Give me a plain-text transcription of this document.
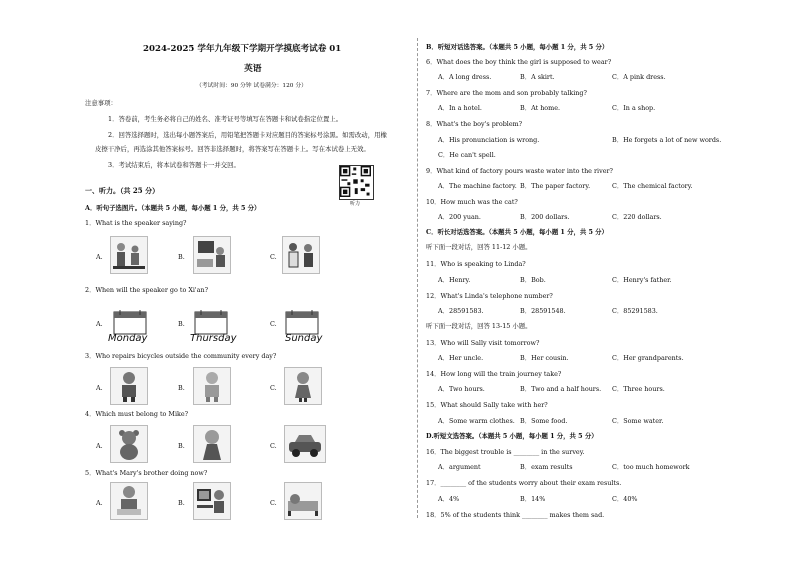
2024-2025 学年九年级下学期开学摸底考试卷 01
英语
（考试时间：90 分钟 试卷满分：120 分）
注意事项：
1．答卷前，考生务必将自己的姓名、准考证号等填写在答题卡和试卷指定位置上。
2．回答选择题时，选出每小题答案后，用铅笔把答题卡对应题目的答案标号涂黑。如需改动，用橡
皮擦干净后，再选涂其他答案标号。回答非选择题时，将答案写在答题卡上。写在本试卷上无效。
3．考试结束后，将本试卷和答题卡一并交回。
听力
一、听力。（共 25 分）
A．听句子选图片。（本题共 5 小题，每小题 1 分，共 5 分）
1．What is the speaker saying?
A.	B.	C.
2．When will the speaker go to Xi'an?
A.
Monday
B.
Thursday
C.
Sunday
3．Who repairs bicycles outside the community every day?
A.	B.	C.
4．Which must belong to Mike?
A.	B.	C.
5．What's Mary's brother doing now?
A.	B.	C.
B．听短对话选答案。（本题共 5 小题，每小题 1 分，共 5 分）
6．What does the boy think the girl is supposed to wear?
A．A long dress.	B．A skirt.	C．A pink dress.
7．Where are the mom and son probably talking?
A．In a hotel.	B．At home.	C．In a shop.
8．What's the boy's problem?
A．His pronunciation is wrong.	B．He forgets a lot of new words.
C．He can't spell.
9．What kind of factory pours waste water into the river?
A．The machine factory. B．The paper factory.	C．The chemical factory.
10．How much was the cat?
A．200 yuan.	B．200 dollars.	C．220 dollars.
C．听长对话选答案。（本题共 5 小题，每小题 1 分，共 5 分）
听下面一段对话，回答 11-12 小题。
11．Who is speaking to Linda?
A．Henry.	B．Bob.	C．Henry's father.
12．What's Linda's telephone number?
A．28591583.	B．28591548.	C．85291583.
听下面一段对话，回答 13-15 小题。
13．Who will Sally visit tomorrow?
A．Her uncle.	B．Her cousin.	C．Her grandparents.
14．How long will the train journey take?
A．Two hours.	B．Two and a half hours. C．Three hours.
15．What should Sally take with her?
A．Some warm clothes. B．Some food.	C．Some water.
D.听短文选答案。（本题共 5 小题，每小题 1 分，共 5 分）
16．The biggest trouble is ________ in the survey.
A．argument	B．exam results	C．too much homework
17．________ of the students worry about their exam results.
A．4%	B．14%	C．40%
18．5% of the students think ________ makes them sad.
